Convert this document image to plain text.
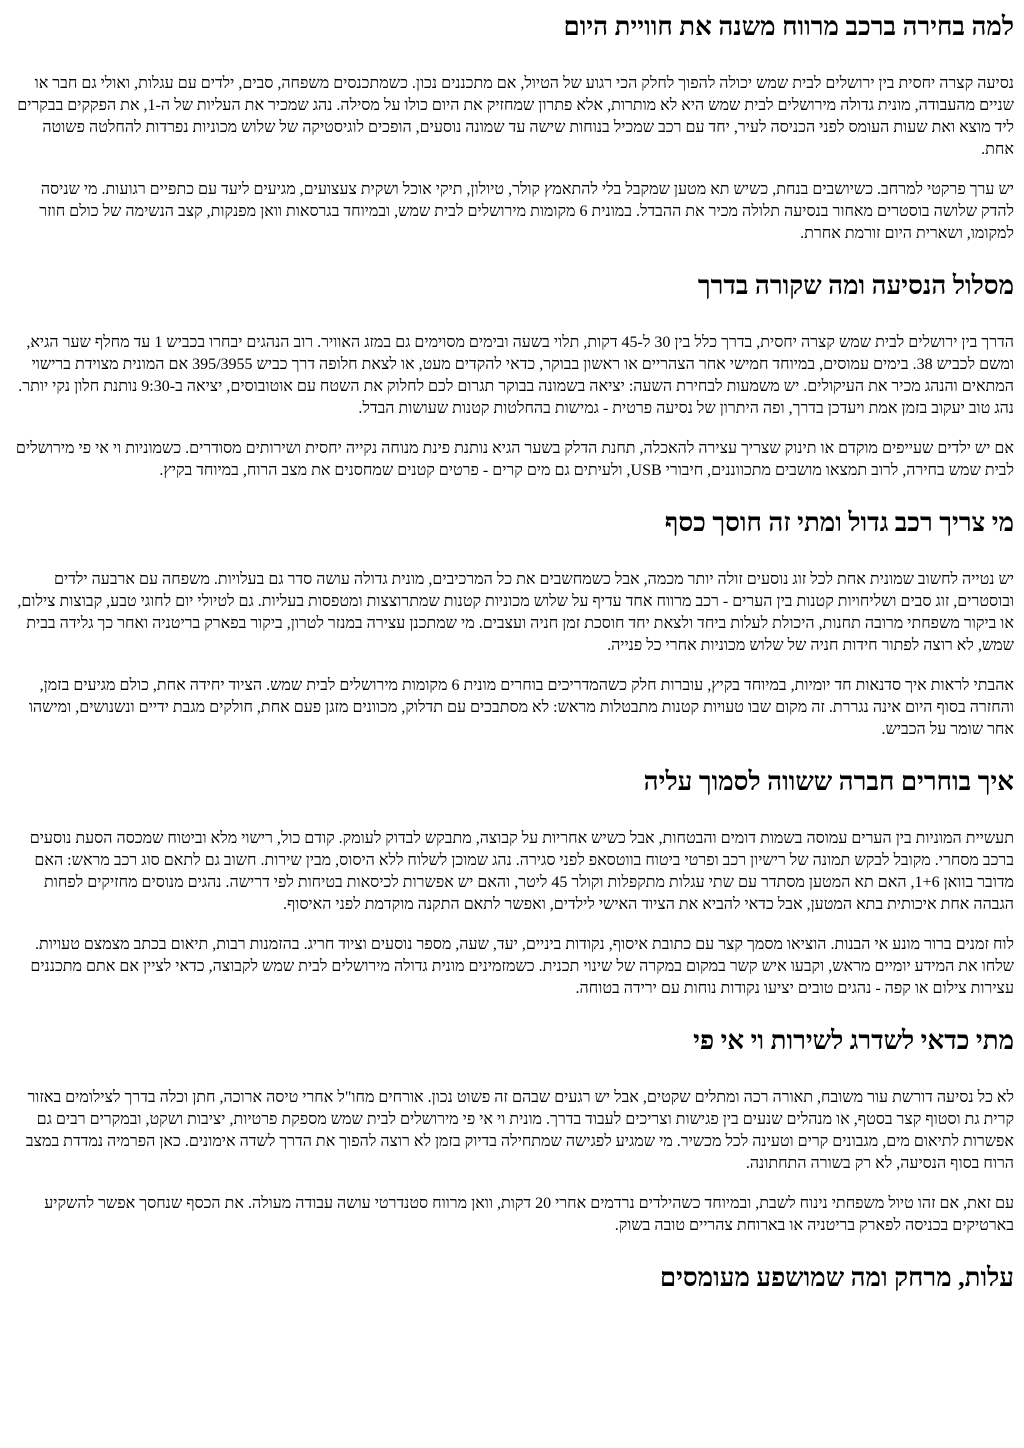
למה בחירה ברכב מרווח משנה את חוויית היום

נסיעה קצרה יחסית בין ירושלים לבית שמש יכולה להפוך לחלק הכי רגוע של הטיול, אם מתכננים נכון. כשמתכנסים משפחה, סבים, ילדים עם עגלות, ואולי גם חבר או שניים מהעבודה, מונית גדולה מירושלים לבית שמש היא לא מותרות, אלא פתרון שמחזיק את היום כולו על מסילה. נהג שמכיר את העליות של ה-1, את הפקקים בבקרים ליד מוצא ואת שעות העומס לפני הכניסה לעיר, יחד עם רכב שמכיל בנוחות שישה עד שמונה נוסעים, הופכים לוגיסטיקה של שלוש מכוניות נפרדות להחלטה פשוטה אחת.

יש ערך פרקטי למרחב. כשיושבים בנחת, כשיש תא מטען שמקבל בלי להתאמץ קולר, טיולון, תיקי אוכל ושקית צעצועים, מגיעים ליעד עם כתפיים רגועות. מי שניסה להדק שלושה בוסטרים מאחור בנסיעה תלולה מכיר את ההבדל. במונית 6 מקומות מירושלים לבית שמש, ובמיוחד בגרסאות וואן מפנקות, קצב הנשימה של כולם חוזר למקומו, ושארית היום זורמת אחרת.

מסלול הנסיעה ומה שקורה בדרך

הדרך בין ירושלים לבית שמש קצרה יחסית, בדרך כלל בין 30 ל-45 דקות, תלוי בשעה ובימים מסוימים גם במזג האוויר. רוב הנהגים יבחרו בכביש 1 עד מחלף שער הגיא, ומשם לכביש 38. בימים עמוסים, במיוחד חמישי אחר הצהריים או ראשון בבוקר, כדאי להקדים מעט, או לצאת חלופה דרך כביש 395/3955 אם המונית מצוידת ברישוי המתאים והנהג מכיר את העיקולים. יש משמעות לבחירת השעה: יציאה בשמונה בבוקר תגרום לכם לחלוק את השטח עם אוטובוסים, יציאה ב-9:30 נותנת חלון נקי יותר. נהג טוב יעקוב בזמן אמת ויעדכן בדרך, ופה היתרון של נסיעה פרטית - גמישות בהחלטות קטנות שעושות הבדל.

אם יש ילדים שעייפים מוקדם או תינוק שצריך עצירה להאכלה, תחנת הדלק בשער הגיא נותנת פינת מנוחה נקייה יחסית ושירותים מסודרים. כשמוניות וי אי פי מירושלים לבית שמש בחירה, לרוב תמצאו מושבים מתכווננים, חיבורי USB, ולעיתים גם מים קרים - פרטים קטנים שמחסנים את מצב הרוח, במיוחד בקיץ.

מי צריך רכב גדול ומתי זה חוסך כסף

יש נטייה לחשוב שמונית אחת לכל זוג נוסעים זולה יותר מכמה, אבל כשמחשבים את כל המרכיבים, מונית גדולה עושה סדר גם בעלויות. משפחה עם ארבעה ילדים ובוסטרים, זוג סבים ושליחויות קטנות בין הערים - רכב מרווח אחד עדיף על שלוש מכוניות קטנות שמתרוצצות ומטפסות בעליות. גם לטיולי יום לחוגי טבע, קבוצות צילום, או ביקור משפחתי מרובה תחנות, היכולת לעלות ביחד ולצאת יחד חוסכת זמן חניה ועצבים. מי שמתכנן עצירה במנזר לטרון, ביקור בפארק בריטניה ואחר כך גלידה בבית שמש, לא רוצה לפתור חידות חניה של שלוש מכוניות אחרי כל פנייה.

אהבתי לראות איך סדנאות חד יומיות, במיוחד בקיץ, עוברות חלק כשהמדריכים בוחרים מונית 6 מקומות מירושלים לבית שמש. הציוד יחידה אחת, כולם מגיעים בזמן, והחזרה בסוף היום אינה נגררת. זה מקום שבו טעויות קטנות מתבטלות מראש: לא מסתבכים עם תדלוק, מכוונים מזגן פעם אחת, חולקים מגבת ידיים ונשנושים, ומישהו אחר שומר על הכביש.

איך בוחרים חברה ששווה לסמוך עליה

תעשיית המוניות בין הערים עמוסה בשמות דומים והבטחות, אבל כשיש אחריות על קבוצה, מתבקש לבדוק לעומק. קודם כול, רישוי מלא וביטוח שמכסה הסעת נוסעים ברכב מסחרי. מקובל לבקש תמונה של רישיון רכב ופרטי ביטוח בווטסאפ לפני סגירה. נהג שמוכן לשלוח ללא היסוס, מבין שירות. חשוב גם לתאם סוג רכב מראש: האם מדובר בוואן 1+6, האם תא המטען מסתדר עם שתי עגלות מתקפלות וקולר 45 ליטר, והאם יש אפשרות לכיסאות בטיחות לפי דרישה. נהגים מנוסים מחזיקים לפחות הגבהה אחת איכותית בתא המטען, אבל כדאי להביא את הציוד האישי לילדים, ואפשר לתאם התקנה מוקדמת לפני האיסוף.

לוח זמנים ברור מונע אי הבנות. הוציאו מסמך קצר עם כתובת איסוף, נקודות ביניים, יעד, שעה, מספר נוסעים וציוד חריג. בהזמנות רבות, תיאום בכתב מצמצם טעויות. שלחו את המידע יומיים מראש, וקבעו איש קשר במקום במקרה של שינוי תכנית. כשמזמינים מונית גדולה מירושלים לבית שמש לקבוצה, כדאי לציין אם אתם מתכננים עצירות צילום או קפה - נהגים טובים יציעו נקודות נוחות עם ירידה בטוחה.

מתי כדאי לשדרג לשירות וי אי פי

לא כל נסיעה דורשת עור משובח, תאורה רכה ומתלים שקטים, אבל יש רגעים שבהם זה פשוט נכון. אורחים מחו"ל אחרי טיסה ארוכה, חתן וכלה בדרך לצילומים באזור קרית גת וסטוף קצר בסטף, או מנהלים שנעים בין פגישות וצריכים לעבוד בדרך. מונית וי אי פי מירושלים לבית שמש מספקת פרטיות, יציבות ושקט, ובמקרים רבים גם אפשרות לתיאום מים, מגבונים קרים וטעינה לכל מכשיר. מי שמגיע לפגישה שמתחילה בדיוק בזמן לא רוצה להפוך את הדרך לשדה אימונים. כאן הפרמיה נמדדת במצב הרוח בסוף הנסיעה, לא רק בשורה התחתונה.

עם זאת, אם זהו טיול משפחתי נינוח לשבת, ובמיוחד כשהילדים נרדמים אחרי 20 דקות, וואן מרווח סטנדרטי עושה עבודה מעולה. את הכסף שנחסך אפשר להשקיע בארטיקים בכניסה לפארק בריטניה או בארוחת צהריים טובה בשוק.

עלות, מרחק ומה שמושפע מעומסים
